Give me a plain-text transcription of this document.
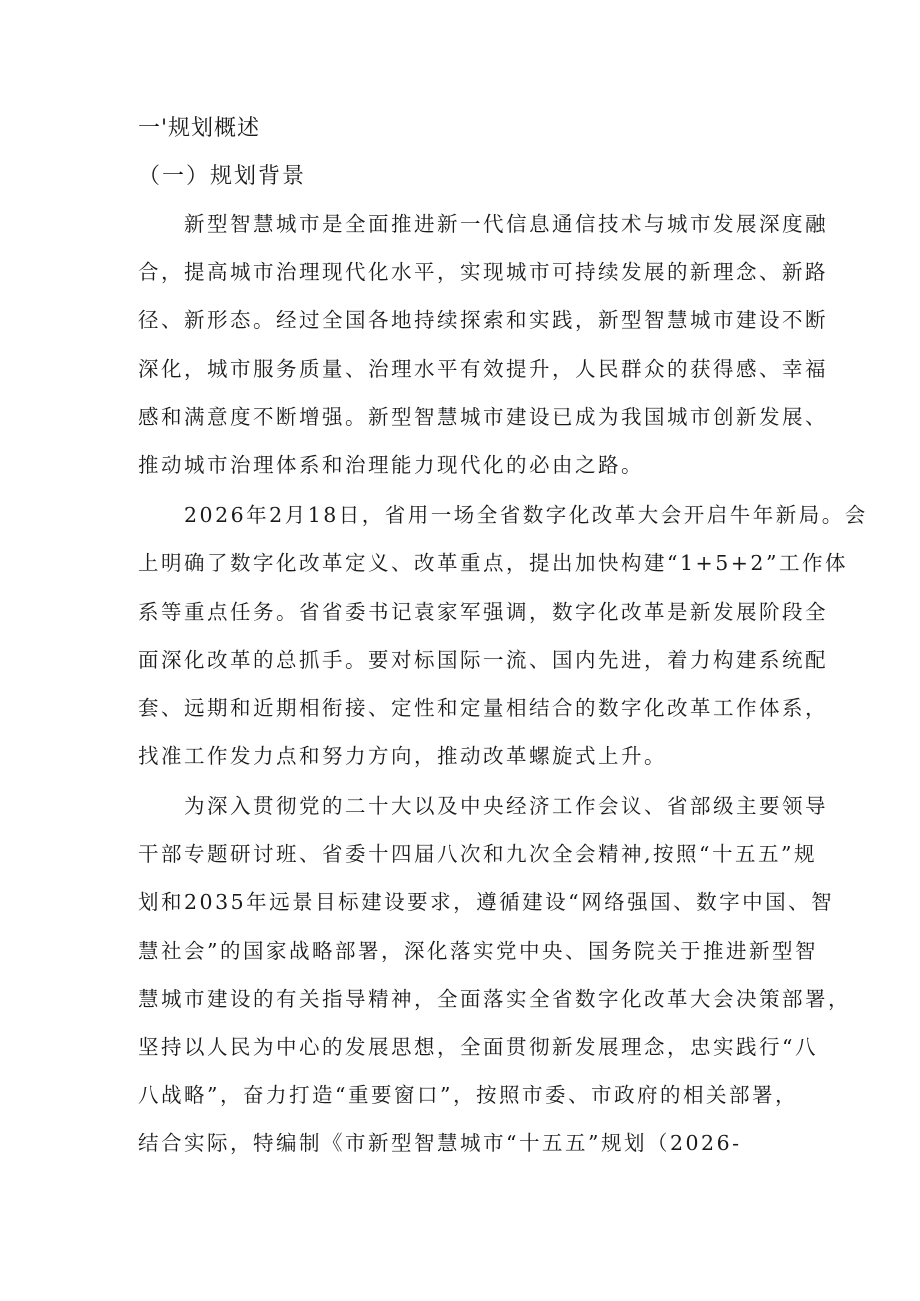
一'规划概述
（一）规划背景
新型智慧城市是全面推进新一代信息通信技术与城市发展深度融
合，提高城市治理现代化水平，实现城市可持续发展的新理念、新路
径、新形态。经过全国各地持续探索和实践，新型智慧城市建设不断
深化，城市服务质量、治理水平有效提升，人民群众的获得感、幸福
感和满意度不断增强。新型智慧城市建设已成为我国城市创新发展、
推动城市治理体系和治理能力现代化的必由之路。
2026年2月18日，省用一场全省数字化改革大会开启牛年新局。会
上明确了数字化改革定义、改革重点，提出加快构建“1+5+2”工作体
系等重点任务。省省委书记袁家军强调，数字化改革是新发展阶段全
面深化改革的总抓手。要对标国际一流、国内先进，着力构建系统配
套、远期和近期相衔接、定性和定量相结合的数字化改革工作体系，
找准工作发力点和努力方向，推动改革螺旋式上升。
为深入贯彻党的二十大以及中央经济工作会议、省部级主要领导
干部专题研讨班、省委十四届八次和九次全会精神,按照“十五五”规
划和2035年远景目标建设要求，遵循建设“网络强国、数字中国、智
慧社会”的国家战略部署，深化落实党中央、国务院关于推进新型智
慧城市建设的有关指导精神，全面落实全省数字化改革大会决策部署，
坚持以人民为中心的发展思想，全面贯彻新发展理念，忠实践行“八
八战略”，奋力打造“重要窗口”，按照市委、市政府的相关部署，
结合实际，特编制《市新型智慧城市“十五五”规划（2026-
